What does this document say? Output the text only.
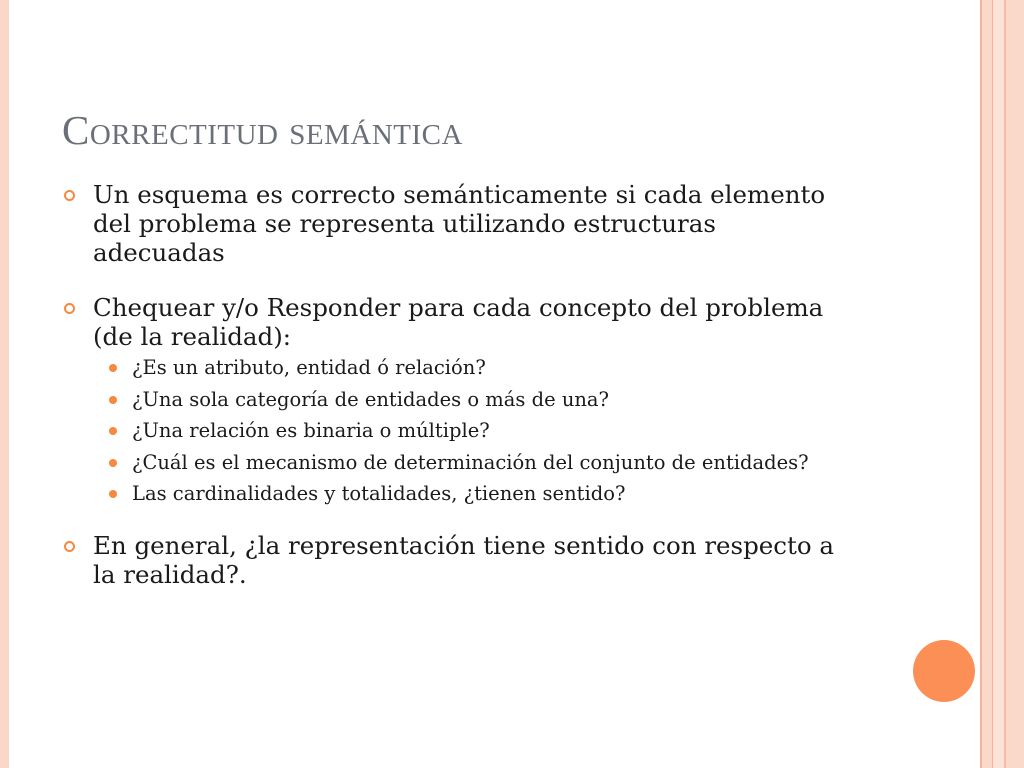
Correctitud semántica
Un esquema es correcto semánticamente si cada elemento del problema se representa utilizando estructuras adecuadas
Chequear y/o Responder para cada concepto del problema (de la realidad):
¿Es un atributo, entidad ó relación?
¿Una sola categoría de entidades o más de una?
¿Una relación es binaria o múltiple?
¿Cuál es el mecanismo de determinación del conjunto de entidades?
Las cardinalidades y totalidades, ¿tienen sentido?
En general, ¿la representación tiene sentido con respecto a la realidad?.
